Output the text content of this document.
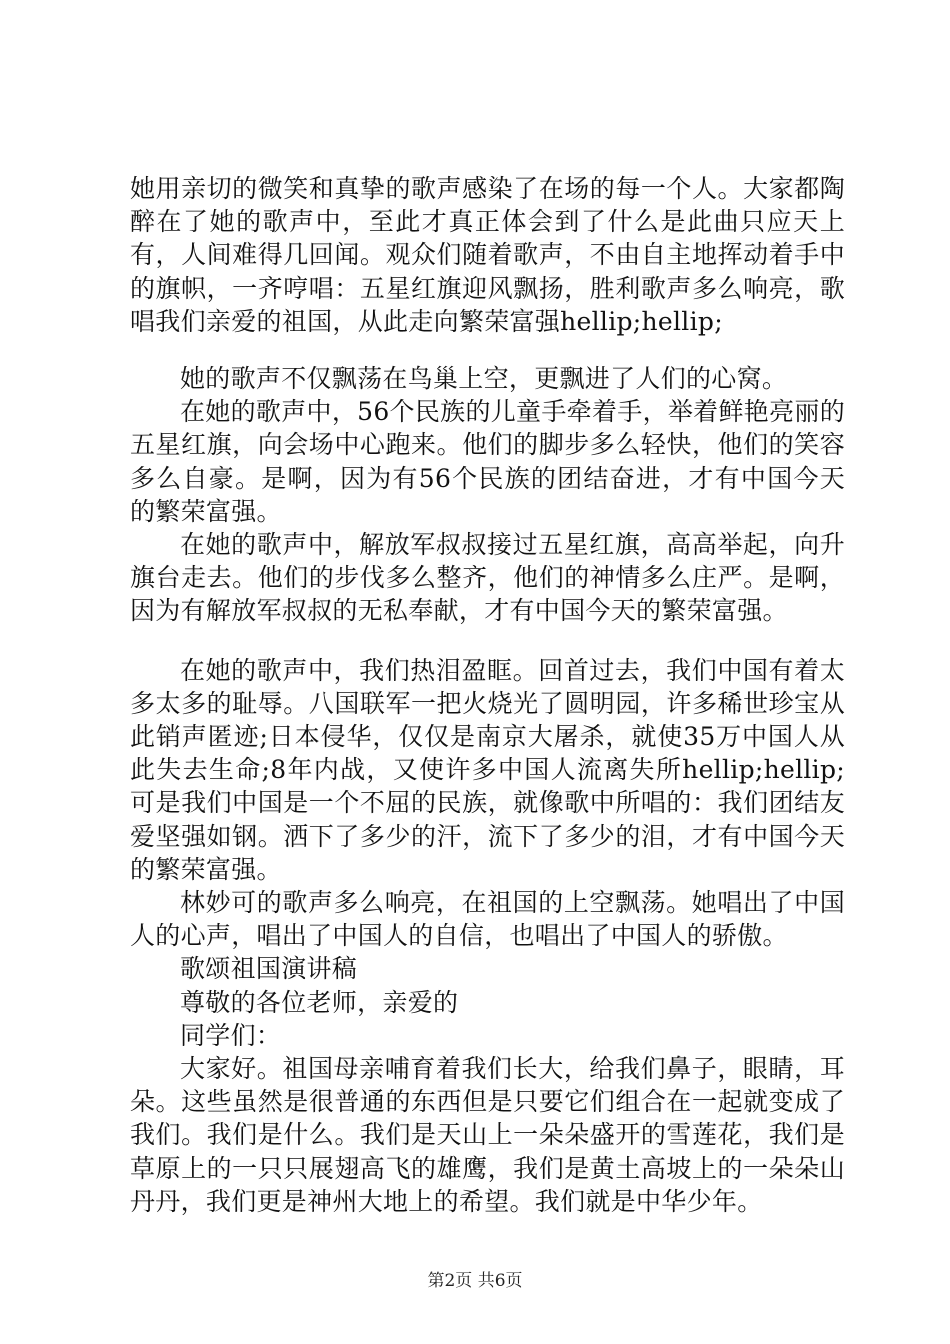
她用亲切的微笑和真挚的歌声感染了在场的每一个人。大家都陶醉在了她的歌声中，至此才真正体会到了什么是此曲只应天上有，人间难得几回闻。观众们随着歌声，不由自主地挥动着手中的旗帜，一齐哼唱：五星红旗迎风飘扬，胜利歌声多么响亮，歌唱我们亲爱的祖国，从此走向繁荣富强hellip;hellip;

她的歌声不仅飘荡在鸟巢上空，更飘进了人们的心窝。

在她的歌声中，56个民族的儿童手牵着手，举着鲜艳亮丽的五星红旗，向会场中心跑来。他们的脚步多么轻快，他们的笑容多么自豪。是啊，因为有56个民族的团结奋进，才有中国今天的繁荣富强。

在她的歌声中，解放军叔叔接过五星红旗，高高举起，向升旗台走去。他们的步伐多么整齐，他们的神情多么庄严。是啊，因为有解放军叔叔的无私奉献，才有中国今天的繁荣富强。

在她的歌声中，我们热泪盈眶。回首过去，我们中国有着太多太多的耻辱。八国联军一把火烧光了圆明园，许多稀世珍宝从此销声匿迹;日本侵华，仅仅是南京大屠杀，就使35万中国人从此失去生命;8年内战，又使许多中国人流离失所hellip;hellip;可是我们中国是一个不屈的民族，就像歌中所唱的：我们团结友爱坚强如钢。洒下了多少的汗，流下了多少的泪，才有中国今天的繁荣富强。

林妙可的歌声多么响亮，在祖国的上空飘荡。她唱出了中国人的心声，唱出了中国人的自信，也唱出了中国人的骄傲。

歌颂祖国演讲稿

尊敬的各位老师，亲爱的

同学们：

大家好。祖国母亲哺育着我们长大，给我们鼻子，眼睛，耳朵。这些虽然是很普通的东西但是只要它们组合在一起就变成了我们。我们是什么。我们是天山上一朵朵盛开的雪莲花，我们是草原上的一只只展翅高飞的雄鹰，我们是黄土高坡上的一朵朵山丹丹，我们更是神州大地上的希望。我们就是中华少年。

第2页 共6页
